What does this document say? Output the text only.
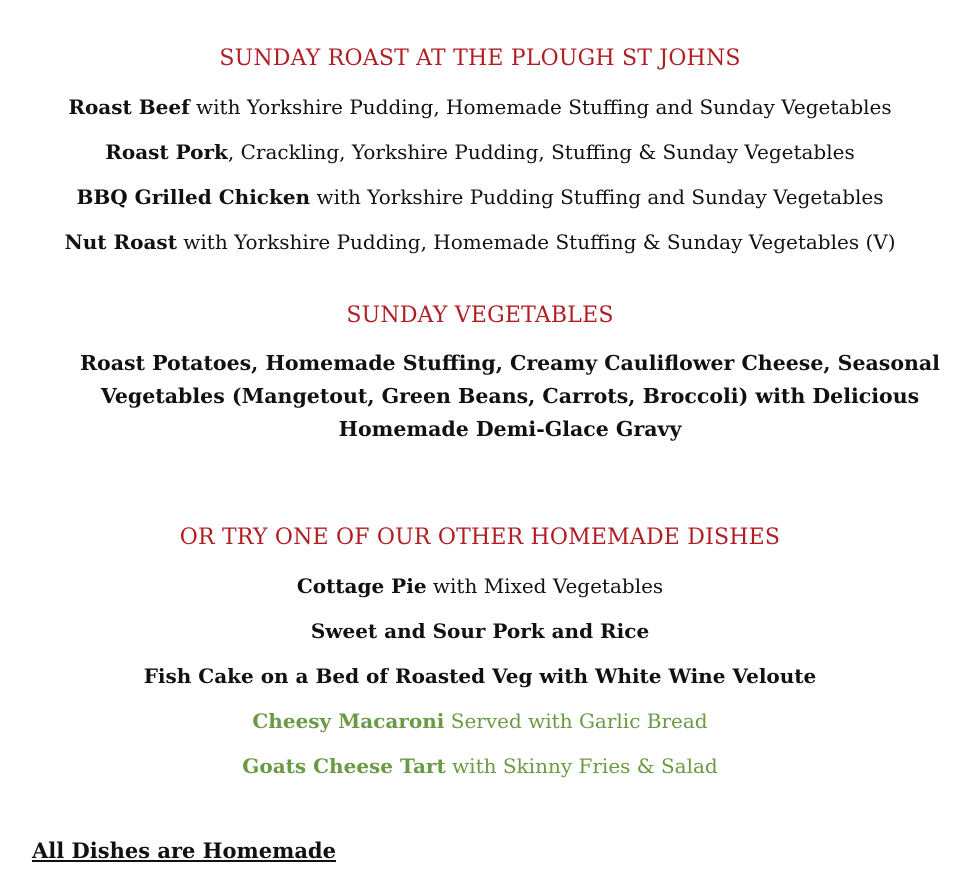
SUNDAY ROAST AT THE PLOUGH ST JOHNS
Roast Beef with Yorkshire Pudding, Homemade Stuffing and Sunday Vegetables
Roast Pork, Crackling, Yorkshire Pudding, Stuffing & Sunday Vegetables
BBQ Grilled Chicken with Yorkshire Pudding Stuffing and Sunday Vegetables
Nut Roast with Yorkshire Pudding, Homemade Stuffing & Sunday Vegetables (V)
SUNDAY VEGETABLES
Roast Potatoes, Homemade Stuffing, Creamy Cauliflower Cheese, Seasonal Vegetables (Mangetout, Green Beans, Carrots, Broccoli) with Delicious Homemade Demi-Glace Gravy
OR TRY ONE OF OUR OTHER HOMEMADE DISHES
Cottage Pie with Mixed Vegetables
Sweet and Sour Pork and Rice
Fish Cake on a Bed of Roasted Veg with White Wine Veloute
Cheesy Macaroni Served with Garlic Bread
Goats Cheese Tart with Skinny Fries & Salad
All Dishes are Homemade
